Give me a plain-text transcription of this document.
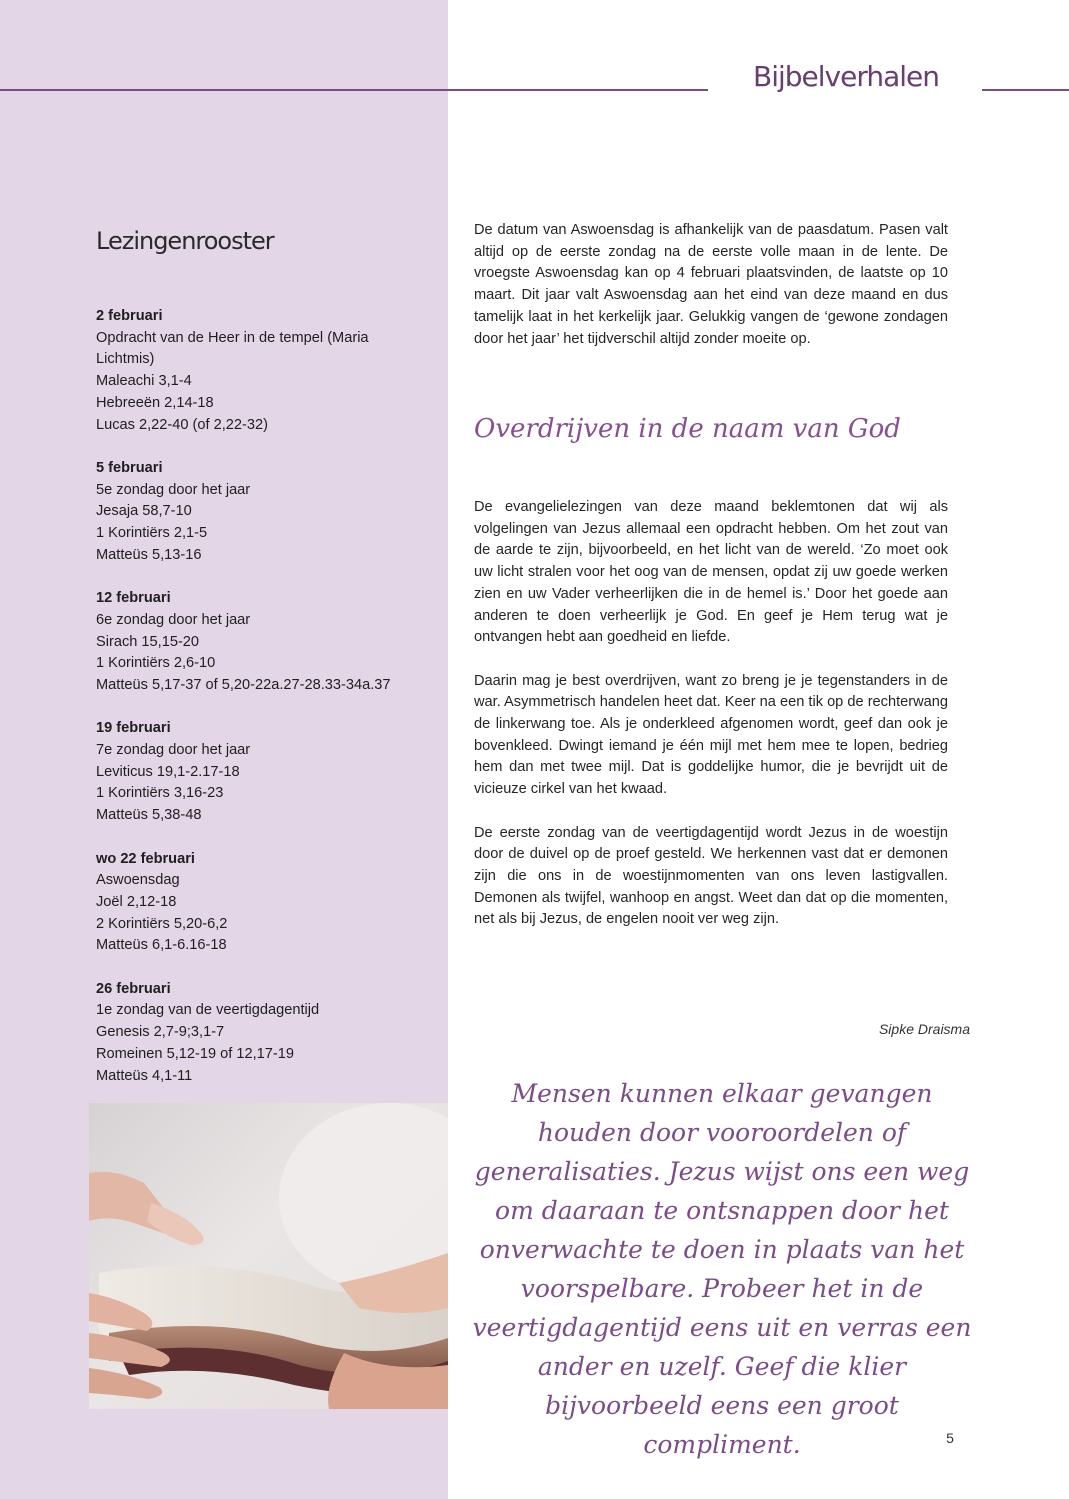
Bijbelverhalen
Lezingenrooster
2 februari
Opdracht van de Heer in de tempel (Maria
Lichtmis)
Maleachi 3,1-4
Hebreeën 2,14-18
Lucas 2,22-40 (of 2,22-32)
5 februari
5e zondag door het jaar
Jesaja 58,7-10
1 Korintiërs 2,1-5
Matteüs 5,13-16
12 februari
6e zondag door het jaar
Sirach 15,15-20
1 Korintiërs 2,6-10
Matteüs 5,17-37 of 5,20-22a.27-28.33-34a.37
19 februari
7e zondag door het jaar
Leviticus 19,1-2.17-18
1 Korintiërs 3,16-23
Matteüs 5,38-48
wo 22 februari
Aswoensdag
Joël 2,12-18
2 Korintiërs 5,20-6,2
Matteüs 6,1-6.16-18
26 februari
1e zondag van de veertigdagentijd
Genesis 2,7-9;3,1-7
Romeinen 5,12-19 of 12,17-19
Matteüs 4,1-11

De datum van Aswoensdag is afhankelijk van de paasdatum. Pasen valt altijd op de eerste zondag na de eerste volle maan in de lente. De vroegste Aswoensdag kan op 4 februari plaatsvinden, de laatste op 10 maart. Dit jaar valt Aswoensdag aan het eind van deze maand en dus tamelijk laat in het kerkelijk jaar. Gelukkig vangen de ‘gewone zondagen door het jaar’ het tijdverschil altijd zonder moeite op.

Overdrijven in de naam van God

De evangelielezingen van deze maand beklemtonen dat wij als volgelingen van Jezus allemaal een opdracht hebben. Om het zout van de aarde te zijn, bijvoorbeeld, en het licht van de wereld. ‘Zo moet ook uw licht stralen voor het oog van de mensen, opdat zij uw goede werken zien en uw Vader verheerlijken die in de hemel is.’ Door het goede aan anderen te doen verheerlijk je God. En geef je Hem terug wat je ontvangen hebt aan goedheid en liefde.

Daarin mag je best overdrijven, want zo breng je je tegenstanders in de war. Asymmetrisch handelen heet dat. Keer na een tik op de rechterwang de linkerwang toe. Als je onderkleed afgenomen wordt, geef dan ook je bovenkleed. Dwingt iemand je één mijl met hem mee te lopen, bedrieg hem dan met twee mijl. Dat is goddelijke humor, die je bevrijdt uit de vicieuze cirkel van het kwaad.

De eerste zondag van de veertigdagentijd wordt Jezus in de woestijn door de duivel op de proef gesteld. We herkennen vast dat er demonen zijn die ons in de woestijnmomenten van ons leven lastigvallen. Demonen als twijfel, wanhoop en angst. Weet dan dat op die momenten, net als bij Jezus, de engelen nooit ver weg zijn.

Sipke Draisma
Mensen kunnen elkaar gevangen houden door vooroordelen of generalisaties. Jezus wijst ons een weg om daaraan te ontsnappen door het onverwachte te doen in plaats van het voorspelbare. Probeer het in de veertigdagentijd eens uit en verras een ander en uzelf. Geef die klier bijvoorbeeld eens een groot compliment.	5
